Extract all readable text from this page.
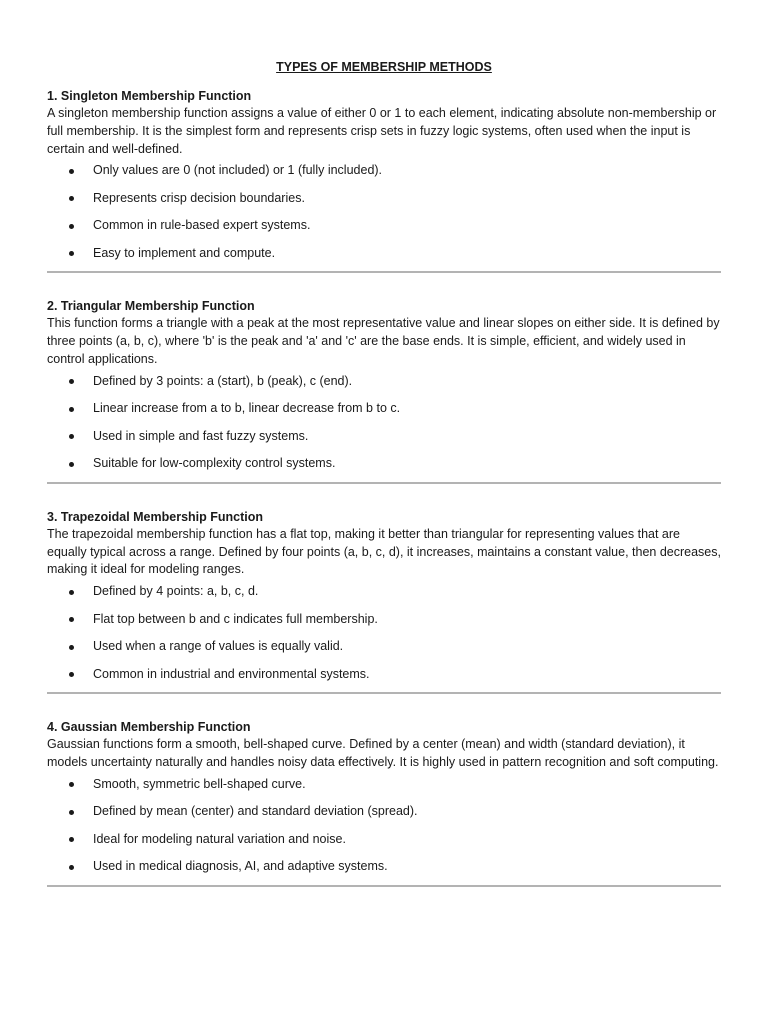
TYPES OF MEMBERSHIP METHODS

1. Singleton Membership Function

A singleton membership function assigns a value of either 0 or 1 to each element, indicating absolute non-membership or full membership. It is the simplest form and represents crisp sets in fuzzy logic systems, often used when the input is certain and well-defined.

Only values are 0 (not included) or 1 (fully included).
Represents crisp decision boundaries.
Common in rule-based expert systems.
Easy to implement and compute.

2. Triangular Membership Function

This function forms a triangle with a peak at the most representative value and linear slopes on either side. It is defined by three points (a, b, c), where 'b' is the peak and 'a' and 'c' are the base ends. It is simple, efficient, and widely used in control applications.

Defined by 3 points: a (start), b (peak), c (end).
Linear increase from a to b, linear decrease from b to c.
Used in simple and fast fuzzy systems.
Suitable for low-complexity control systems.

3. Trapezoidal Membership Function

The trapezoidal membership function has a flat top, making it better than triangular for representing values that are equally typical across a range. Defined by four points (a, b, c, d), it increases, maintains a constant value, then decreases, making it ideal for modeling ranges.

Defined by 4 points: a, b, c, d.
Flat top between b and c indicates full membership.
Used when a range of values is equally valid.
Common in industrial and environmental systems.

4. Gaussian Membership Function

Gaussian functions form a smooth, bell-shaped curve. Defined by a center (mean) and width (standard deviation), it models uncertainty naturally and handles noisy data effectively. It is highly used in pattern recognition and soft computing.

Smooth, symmetric bell-shaped curve.
Defined by mean (center) and standard deviation (spread).
Ideal for modeling natural variation and noise.
Used in medical diagnosis, AI, and adaptive systems.
